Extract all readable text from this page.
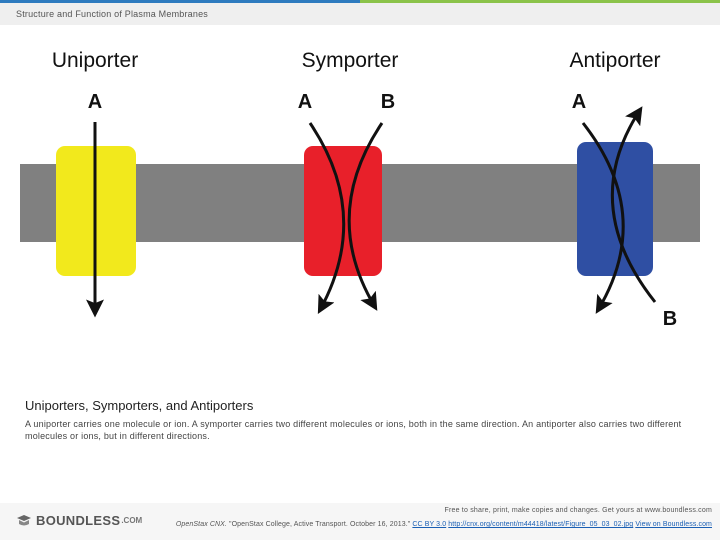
Structure and Function of Plasma Membranes
Uniporter
A
Symporter
A	B
Antiporter
A
B
Uniporters, Symporters, and Antiporters
A uniporter carries one molecule or ion. A symporter carries two different molecules or ions, both in the same direction. An antiporter also carries two different molecules or ions, but in different directions.
BOUNDLESS .COM
Free to share, print, make copies and changes. Get yours at www.boundless.com
OpenStax CNX. "OpenStax College, Active Transport. October 16, 2013." CC BY 3.0 http://cnx.org/content/m44418/latest/Figure_05_03_02.jpg View on Boundless.com
